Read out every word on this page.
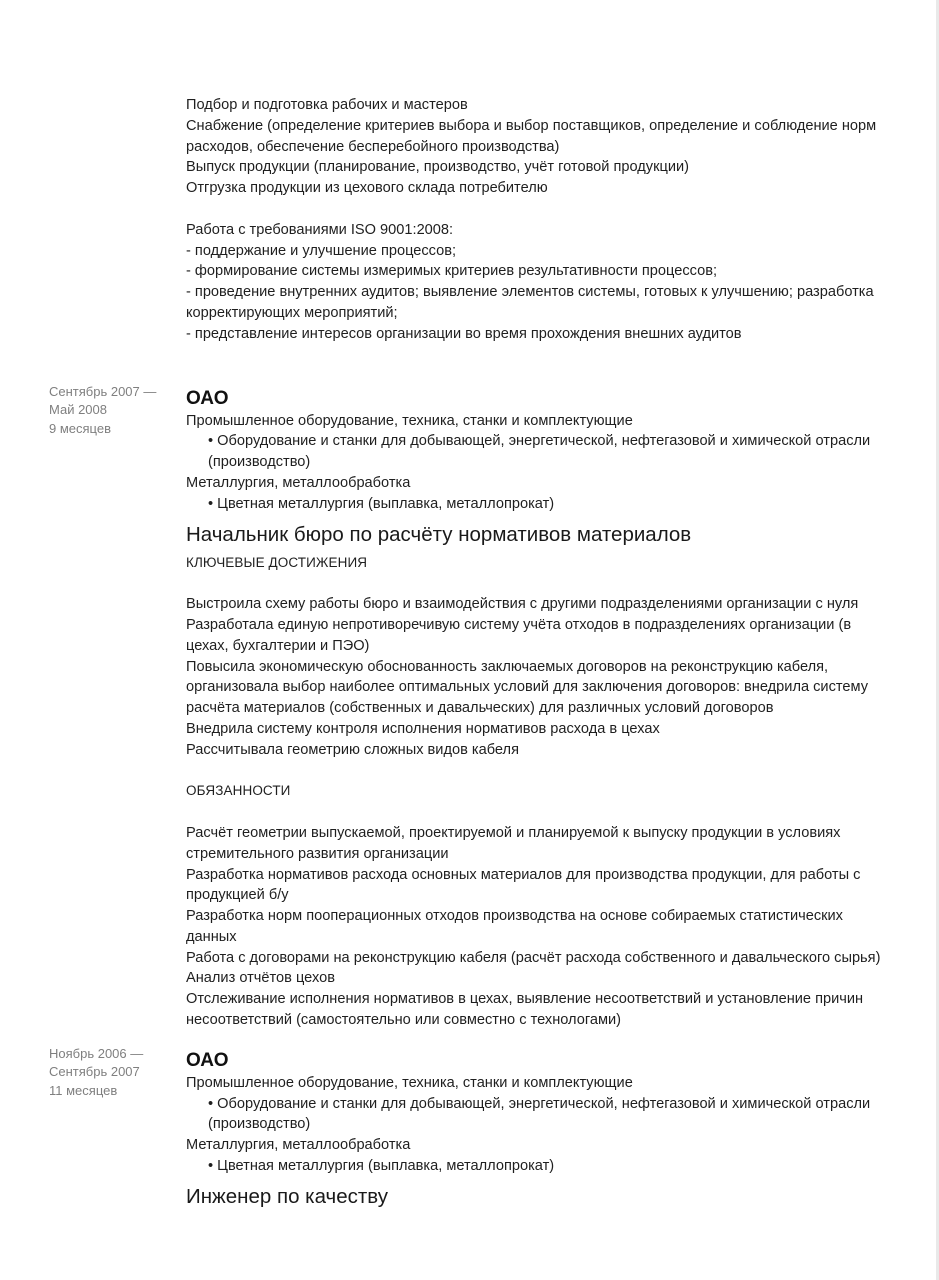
Подбор и подготовка рабочих и мастеров

Снабжение (определение критериев выбора и выбор поставщиков, определение и соблюдение норм расходов, обеспечение бесперебойного производства)

Выпуск продукции (планирование, производство, учёт готовой продукции)

Отгрузка продукции из цехового склада потребителю

Работа с требованиями ISO 9001:2008:

- поддержание и улучшение процессов;

- формирование системы измеримых критериев результативности процессов;

- проведение внутренних аудитов; выявление элементов системы, готовых к улучшению; разработка корректирующих мероприятий;

- представление интересов организации во время прохождения внешних аудитов

Сентябрь 2007 —
Май 2008
9 месяцев

ОАО

Промышленное оборудование, техника, станки и комплектующие

• Оборудование и станки для добывающей, энергетической, нефтегазовой и химической отрасли (производство)

Металлургия, металлообработка

• Цветная металлургия (выплавка, металлопрокат)

Начальник бюро по расчёту нормативов материалов

КЛЮЧЕВЫЕ ДОСТИЖЕНИЯ

Выстроила схему работы бюро и взаимодействия с другими подразделениями организации с нуля

Разработала единую непротиворечивую систему учёта отходов в подразделениях организации (в цехах, бухгалтерии и ПЭО)

Повысила экономическую обоснованность заключаемых договоров на реконструкцию кабеля, организовала выбор наиболее оптимальных условий для заключения договоров: внедрила систему расчёта материалов (собственных и давальческих) для различных условий договоров

Внедрила систему контроля исполнения нормативов расхода в цехах

Рассчитывала геометрию сложных видов кабеля

ОБЯЗАННОСТИ

Расчёт геометрии выпускаемой, проектируемой и планируемой к выпуску продукции в условиях стремительного развития организации

Разработка нормативов расхода основных материалов для производства продукции, для работы с продукцией б/у

Разработка норм пооперационных отходов производства на основе собираемых статистических данных

Работа с договорами на реконструкцию кабеля (расчёт расхода собственного и давальческого сырья)

Анализ отчётов цехов

Отслеживание исполнения нормативов в цехах, выявление несоответствий и установление причин несоответствий (самостоятельно или совместно с технологами)

Ноябрь 2006 —
Сентябрь 2007
11 месяцев

ОАО

Промышленное оборудование, техника, станки и комплектующие

• Оборудование и станки для добывающей, энергетической, нефтегазовой и химической отрасли (производство)

Металлургия, металлообработка

• Цветная металлургия (выплавка, металлопрокат)

Инженер по качеству
